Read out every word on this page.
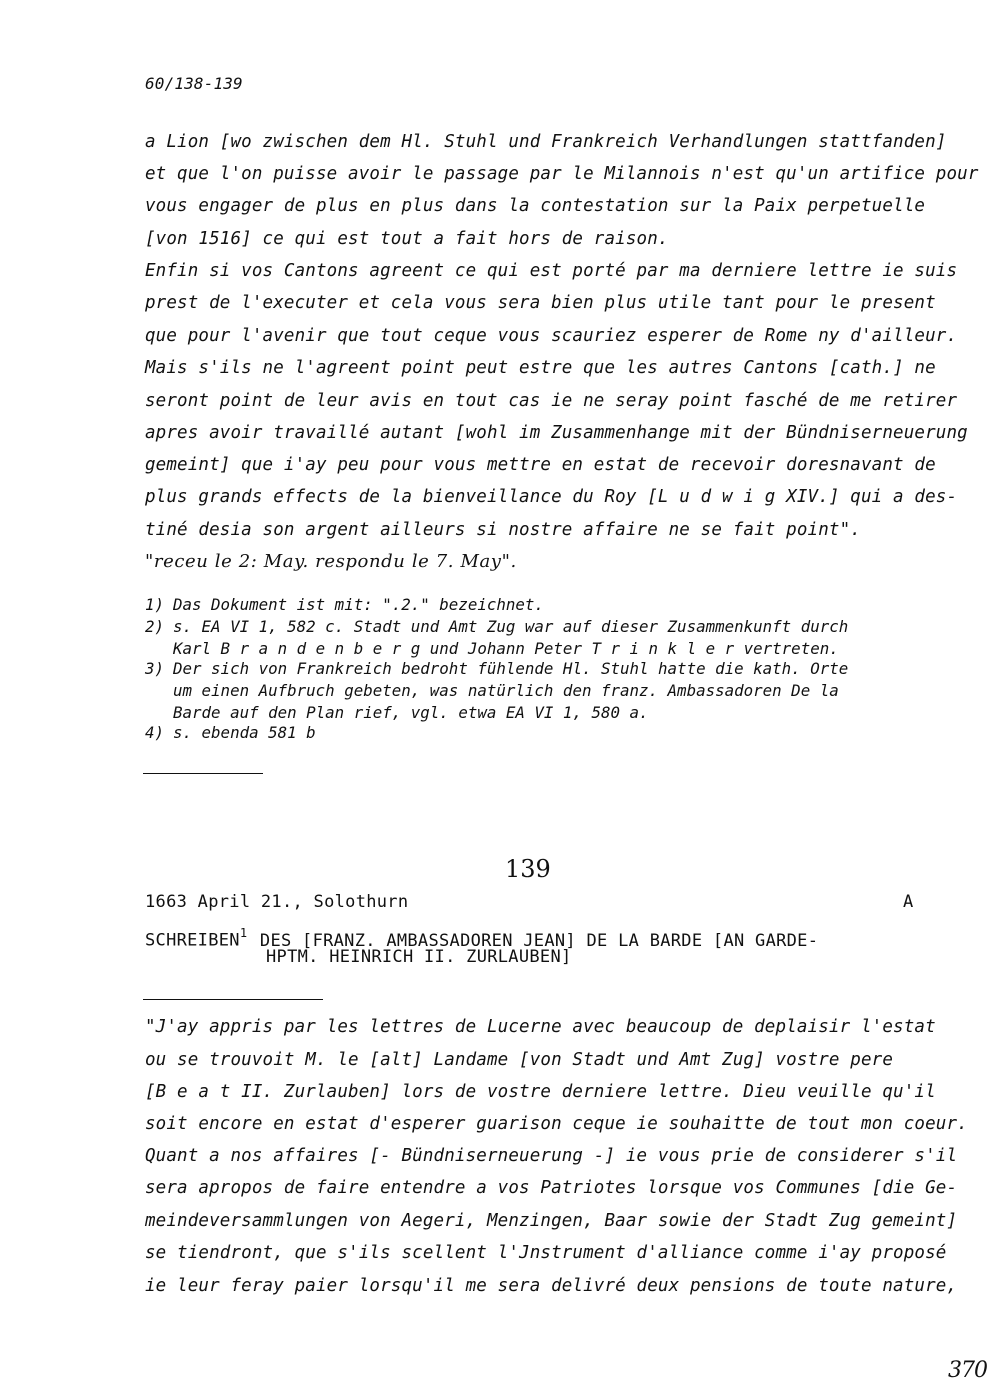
60/138-139
a Lion [wo zwischen dem Hl. Stuhl und Frankreich Verhandlungen stattfanden]
et que l'on puisse avoir le passage par le Milannois n'est qu'un artifice pour
vous engager de plus en plus dans la contestation sur la Paix perpetuelle
[von 1516] ce qui est tout a fait hors de raison.
Enfin si vos Cantons agreent ce qui est porté par ma derniere lettre ie suis
prest de l'executer et cela vous sera bien plus utile tant pour le present
que pour l'avenir que tout ceque vous scauriez esperer de Rome ny d'ailleur.
Mais s'ils ne l'agreent point peut estre que les autres Cantons [cath.] ne
seront point de leur avis en tout cas ie ne seray point fasché de me retirer
apres avoir travaillé autant [wohl im Zusammenhange mit der Bündniserneuerung
gemeint] que i'ay peu pour vous mettre en estat de recevoir doresnavant de
plus grands effects de la bienveillance du Roy [L u d w i g XIV.] qui a des-
tiné desia son argent ailleurs si nostre affaire ne se fait point".
"receu le 2: May. respondu le 7. May".
1) Das Dokument ist mit: ".2." bezeichnet.
2) s. EA VI 1, 582 c. Stadt und Amt Zug war auf dieser Zusammenkunft durch
Karl B r a n d e n b e r g und Johann Peter T r i n k l e r vertreten.
3) Der sich von Frankreich bedroht fühlende Hl. Stuhl hatte die kath. Orte
um einen Aufbruch gebeten, was natürlich den franz. Ambassadoren De la
Barde auf den Plan rief, vgl. etwa EA VI 1, 580 a.
4) s. ebenda 581 b
139
1663 April 21., Solothurn	A
SCHREIBEN$^1$ DES [FRANZ. AMBASSADOREN JEAN] DE LA BARDE [AN GARDE-
HPTM. HEINRICH II. ZURLAUBEN]
"J'ay appris par les lettres de Lucerne avec beaucoup de deplaisir l'estat
ou se trouvoit M. le [alt] Landame [von Stadt und Amt Zug] vostre pere
[B e a t II. Zurlauben] lors de vostre derniere lettre. Dieu veuille qu'il
soit encore en estat d'esperer guarison ceque ie souhaitte de tout mon coeur.
Quant a nos affaires [- Bündniserneuerung -] ie vous prie de considerer s'il
sera apropos de faire entendre a vos Patriotes lorsque vos Communes [die Ge-
meindeversammlungen von Aegeri, Menzingen, Baar sowie der Stadt Zug gemeint]
se tiendront, que s'ils scellent l'Jnstrument d'alliance comme i'ay proposé
ie leur feray paier lorsqu'il me sera delivré deux pensions de toute nature,
370
